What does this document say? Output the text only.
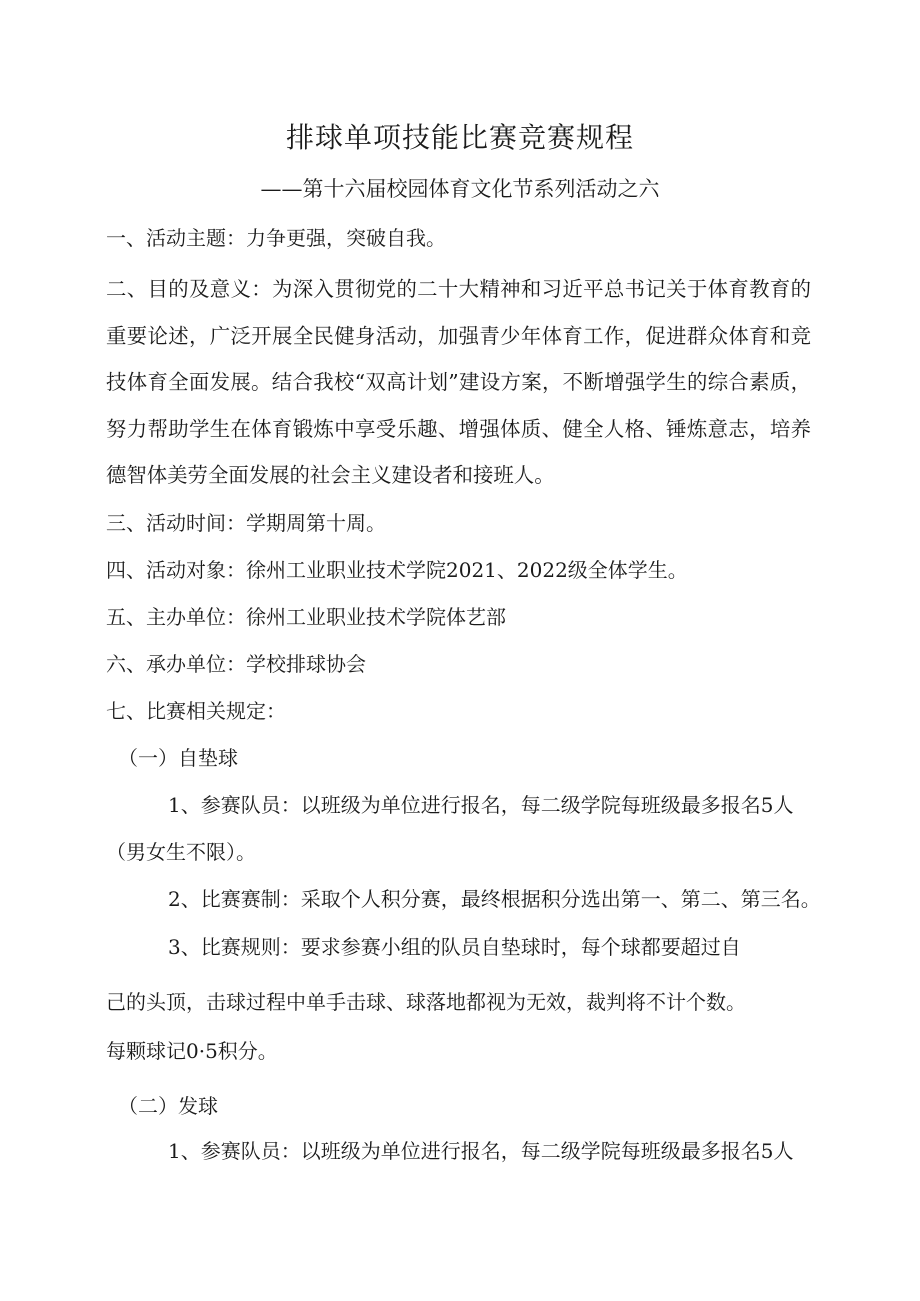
排球单项技能比赛竞赛规程

——第十六届校园体育文化节系列活动之六

一、活动主题：力争更强，突破自我。

二、目的及意义：为深入贯彻党的二十大精神和习近平总书记关于体育教育的重要论述，广泛开展全民健身活动，加强青少年体育工作，促进群众体育和竞技体育全面发展。结合我校“双高计划”建设方案，不断增强学生的综合素质，努力帮助学生在体育锻炼中享受乐趣、增强体质、健全人格、锤炼意志，培养德智体美劳全面发展的社会主义建设者和接班人。

三、活动时间：学期周第十周。

四、活动对象：徐州工业职业技术学院2021、2022级全体学生。

五、主办单位：徐州工业职业技术学院体艺部

六、承办单位：学校排球协会

七、比赛相关规定：

（一）自垫球

1、参赛队员：以班级为单位进行报名，每二级学院每班级最多报名5人

（男女生不限）。

2、比赛赛制：采取个人积分赛，最终根据积分选出第一、第二、第三名。

3、比赛规则：要求参赛小组的队员自垫球时，每个球都要超过自

己的头顶，击球过程中单手击球、球落地都视为无效，裁判将不计个数。

每颗球记0·5积分。

（二）发球

1、参赛队员：以班级为单位进行报名，每二级学院每班级最多报名5人
